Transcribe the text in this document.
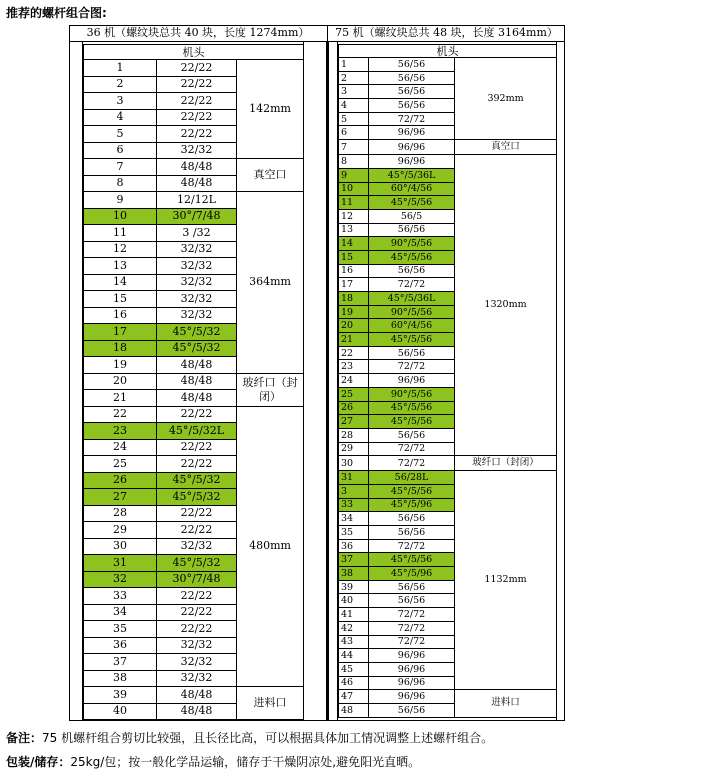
推荐的螺杆组合图:
36 机（螺纹块总共 40 块，长度 1274mm）	75 机（螺纹块总共 48 块，长度 3164mm）
机头		
1	22/22	142mm
2	22/22	
3	22/22	
4	22/22	
5	22/22	
6	32/32	
7	48/48	真空口
8	48/48	
9	12/12L	364mm
10	30°/7/48	
11	3 /32	
12	32/32	
13	32/32	
14	32/32	
15	32/32	
16	32/32	
17	45°/5/32	
18	45°/5/32	
19	48/48	
20	48/48	玻纤口（封闭）
21	48/48	
22	22/22	480mm
23	45°/5/32L	
24	22/22	
25	22/22	
26	45°/5/32	
27	45°/5/32	
28	22/22	
29	22/22	
30	32/32	
31	45°/5/32	
32	30°/7/48	
33	22/22	
34	22/22	
35	22/22	
36	32/32	
37	32/32	
38	32/32	
39	48/48	进料口
40	48/48	
机头		
1	56/56	392mm
2	56/56	
3	56/56	
4	56/56	
5	72/72	
6	96/96	
7	96/96	真空口
8	96/96	1320mm
9	45°/5/36L	
10	60°/4/56	
11	45°/5/56	
12	56/5	
13	56/56	
14	90°/5/56	
15	45°/5/56	
16	56/56	
17	72/72	
18	45°/5/36L	
19	90°/5/56	
20	60°/4/56	
21	45°/5/56	
22	56/56	
23	72/72	
24	96/96	
25	90°/5/56	
26	45°/5/56	
27	45°/5/56	
28	56/56	
29	72/72	
30	72/72	玻纤口（封闭）
31	56/28L	1132mm
3	45°/5/56	
33	45°/5/96	
34	56/56	
35	56/56	
36	72/72	
37	45°/5/56	
38	45°/5/96	
39	56/56	
40	56/56	
41	72/72	
42	72/72	
43	72/72	
44	96/96	
45	96/96	
46	96/96	
47	96/96	进料口
48	56/56	
备注：75 机螺杆组合剪切比较强，且长径比高，可以根据具体加工情况调整上述螺杆组合。
包装/储存：25kg/包；按一般化学品运输，储存于干燥阴凉处,避免阳光直晒。
